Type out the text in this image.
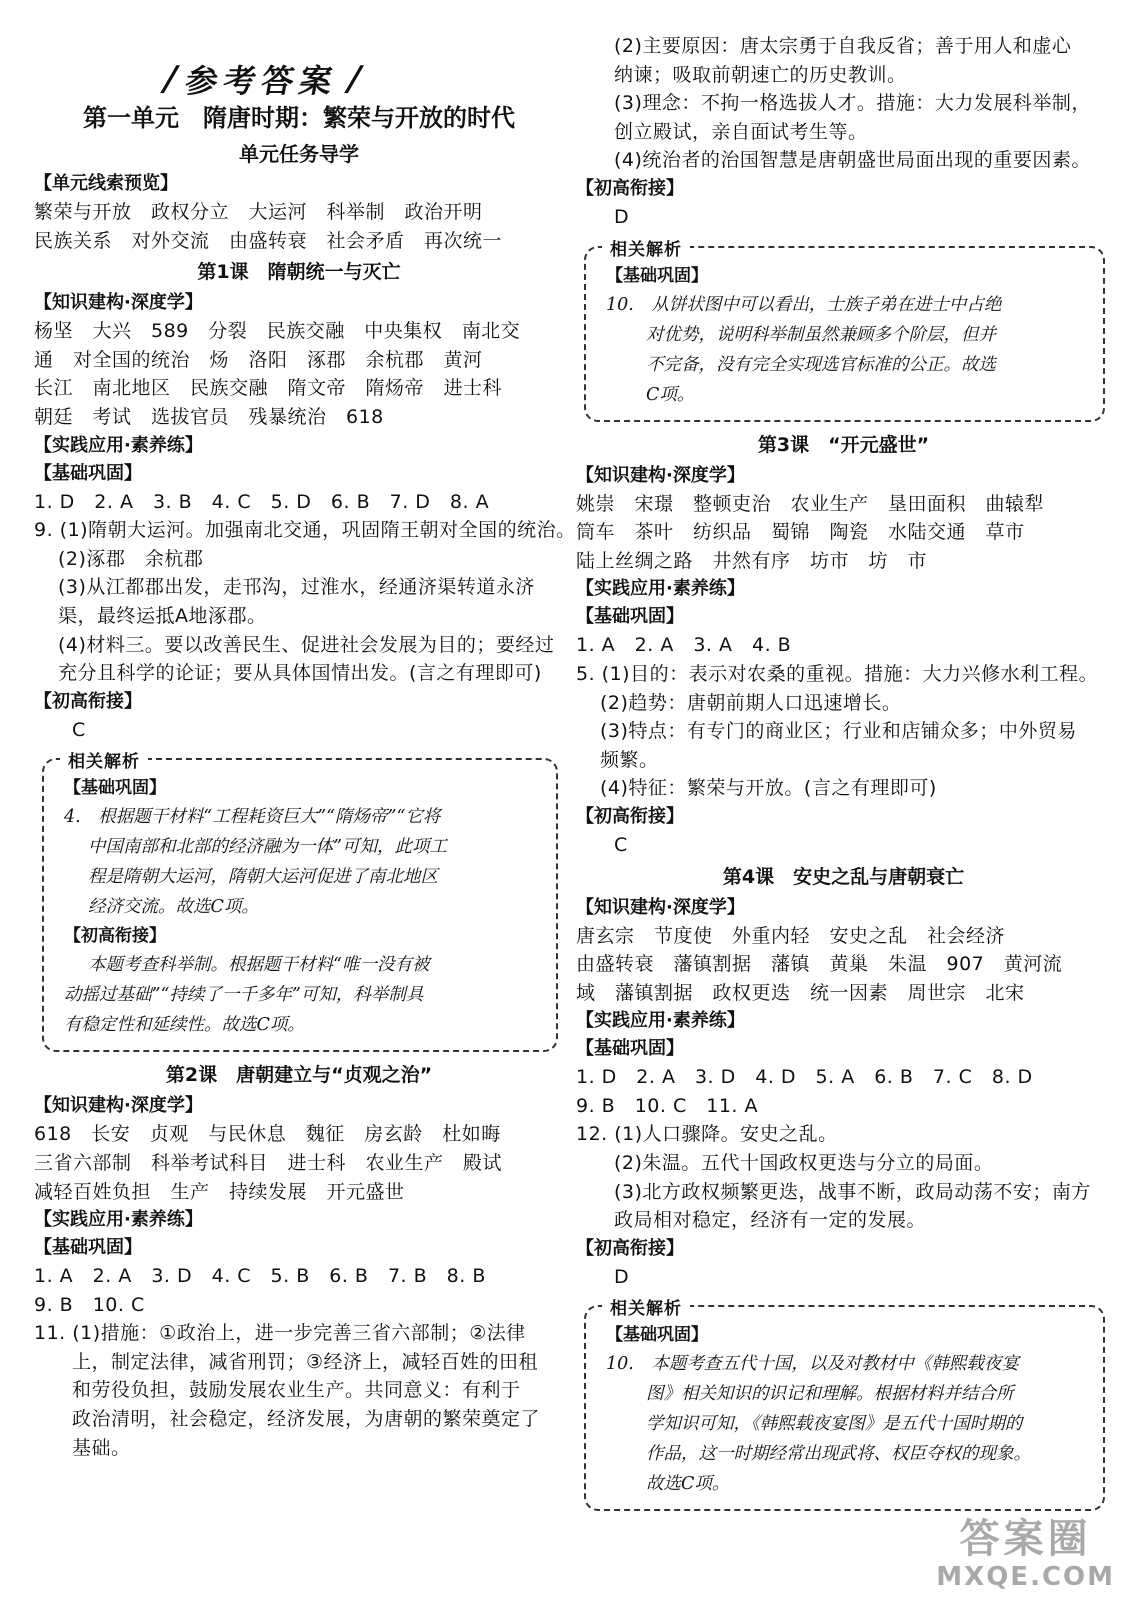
/ 参考答案 /
第一单元　隋唐时期：繁荣与开放的时代
单元任务导学
【单元线索预览】
繁荣与开放　政权分立　大运河　科举制　政治开明
民族关系　对外交流　由盛转衰　社会矛盾　再次统一
第1课　隋朝统一与灭亡
【知识建构·深度学】
杨坚　大兴　589　分裂　民族交融　中央集权　南北交
通　对全国的统治　炀　洛阳　涿郡　余杭郡　黄河
长江　南北地区　民族交融　隋文帝　隋炀帝　进士科
朝廷　考试　选拔官员　残暴统治　618
【实践应用·素养练】
【基础巩固】
1. D　2. A　3. B　4. C　5. D　6. B　7. D　8. A
9. (1)隋朝大运河。加强南北交通，巩固隋王朝对全国的统治。
(2)涿郡　余杭郡
(3)从江都郡出发，走邗沟，过淮水，经通济渠转道永济
渠，最终运抵A地涿郡。
(4)材料三。要以改善民生、促进社会发展为目的；要经过
充分且科学的论证；要从具体国情出发。(言之有理即可)
【初高衔接】
C
相关解析
【基础巩固】
4.　根据题干材料“工程耗资巨大”“隋炀帝”“它将
中国南部和北部的经济融为一体”可知，此项工
程是隋朝大运河，隋朝大运河促进了南北地区
经济交流。故选C项。
【初高衔接】
本题考查科举制。根据题干材料“唯一没有被
动摇过基础”“持续了一千多年”可知，科举制具
有稳定性和延续性。故选C项。
第2课　唐朝建立与“贞观之治”
【知识建构·深度学】
618　长安　贞观　与民休息　魏征　房玄龄　杜如晦
三省六部制　科举考试科目　进士科　农业生产　殿试
减轻百姓负担　生产　持续发展　开元盛世
【实践应用·素养练】
【基础巩固】
1. A　2. A　3. D　4. C　5. B　6. B　7. B　8. B
9. B　10. C
11. (1)措施：①政治上，进一步完善三省六部制；②法律
上，制定法律，减省刑罚；③经济上，减轻百姓的田租
和劳役负担，鼓励发展农业生产。共同意义：有利于
政治清明，社会稳定，经济发展，为唐朝的繁荣奠定了
基础。
(2)主要原因：唐太宗勇于自我反省；善于用人和虚心
纳谏；吸取前朝速亡的历史教训。
(3)理念：不拘一格选拔人才。措施：大力发展科举制，
创立殿试，亲自面试考生等。
(4)统治者的治国智慧是唐朝盛世局面出现的重要因素。
【初高衔接】
D
相关解析
【基础巩固】
10.　从饼状图中可以看出，士族子弟在进士中占绝
对优势，说明科举制虽然兼顾多个阶层，但并
不完备，没有完全实现选官标准的公正。故选
C项。
第3课　“开元盛世”
【知识建构·深度学】
姚崇　宋璟　整顿吏治　农业生产　垦田面积　曲辕犁
筒车　茶叶　纺织品　蜀锦　陶瓷　水陆交通　草市
陆上丝绸之路　井然有序　坊市　坊　市
【实践应用·素养练】
【基础巩固】
1. A　2. A　3. A　4. B
5. (1)目的：表示对农桑的重视。措施：大力兴修水利工程。
(2)趋势：唐朝前期人口迅速增长。
(3)特点：有专门的商业区；行业和店铺众多；中外贸易
频繁。
(4)特征：繁荣与开放。(言之有理即可)
【初高衔接】
C
第4课　安史之乱与唐朝衰亡
【知识建构·深度学】
唐玄宗　节度使　外重内轻　安史之乱　社会经济
由盛转衰　藩镇割据　藩镇　黄巢　朱温　907　黄河流
域　藩镇割据　政权更迭　统一因素　周世宗　北宋
【实践应用·素养练】
【基础巩固】
1. D　2. A　3. D　4. D　5. A　6. B　7. C　8. D
9. B　10. C　11. A
12. (1)人口骤降。安史之乱。
(2)朱温。五代十国政权更迭与分立的局面。
(3)北方政权频繁更迭，战事不断，政局动荡不安；南方
政局相对稳定，经济有一定的发展。
【初高衔接】
D
相关解析
【基础巩固】
10.　本题考查五代十国，以及对教材中《韩熙载夜宴
图》相关知识的识记和理解。根据材料并结合所
学知识可知，《韩熙载夜宴图》是五代十国时期的
作品，这一时期经常出现武将、权臣夺权的现象。
故选C项。
答案圈
MXQE.COM
